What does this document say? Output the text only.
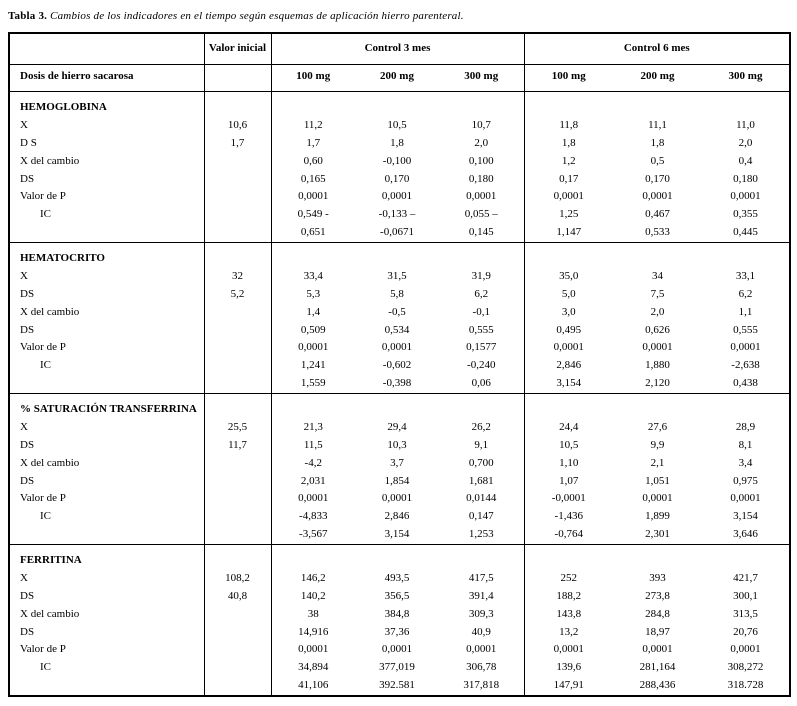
Tabla 3. Cambios de los indicadores en el tiempo según esquemas de aplicación hierro parenteral.

	Valor inicial	Control 3 mes			Control 6 mes		
Dosis de hierro sacarosa		100 mg	200 mg	300 mg	100 mg	200 mg	300 mg
HEMOGLOBINA							
X	10,6	11,2	10,5	10,7	11,8	11,1	11,0
D S	1,7	1,7	1,8	2,0	1,8	1,8	2,0
X del cambio		0,60	-0,100	0,100	1,2	0,5	0,4
DS		0,165	0,170	0,180	0,17	0,170	0,180
Valor de P		0,0001	0,0001	0,0001	0,0001	0,0001	0,0001
IC		0,549 -	-0,133 –	0,055 –	1,25	0,467	0,355
		0,651	-0,0671	0,145	1,147	0,533	0,445
HEMATOCRITO							
X	32	33,4	31,5	31,9	35,0	34	33,1
DS	5,2	5,3	5,8	6,2	5,0	7,5	6,2
X del cambio		1,4	-0,5	-0,1	3,0	2,0	1,1
DS		0,509	0,534	0,555	0,495	0,626	0,555
Valor de P		0,0001	0,0001	0,1577	0,0001	0,0001	0,0001
IC		1,241	-0,602	-0,240	2,846	1,880	-2,638
		1,559	-0,398	0,06	3,154	2,120	0,438
% SATURACIÓN TRANSFERRINA							
X	25,5	21,3	29,4	26,2	24,4	27,6	28,9
DS	11,7	11,5	10,3	9,1	10,5	9,9	8,1
X del cambio		-4,2	3,7	0,700	1,10	2,1	3,4
DS		2,031	1,854	1,681	1,07	1,051	0,975
Valor de P		0,0001	0,0001	0,0144	-0,0001	0,0001	0,0001
IC		-4,833	2,846	0,147	-1,436	1,899	3,154
		-3,567	3,154	1,253	-0,764	2,301	3,646
FERRITINA							
X	108,2	146,2	493,5	417,5	252	393	421,7
DS	40,8	140,2	356,5	391,4	188,2	273,8	300,1
X del cambio		38	384,8	309,3	143,8	284,8	313,5
DS		14,916	37,36	40,9	13,2	18,97	20,76
Valor de P		0,0001	0,0001	0,0001	0,0001	0,0001	0,0001
IC		34,894	377,019	306,78	139,6	281,164	308,272
		41,106	392.581	317,818	147,91	288,436	318.728
